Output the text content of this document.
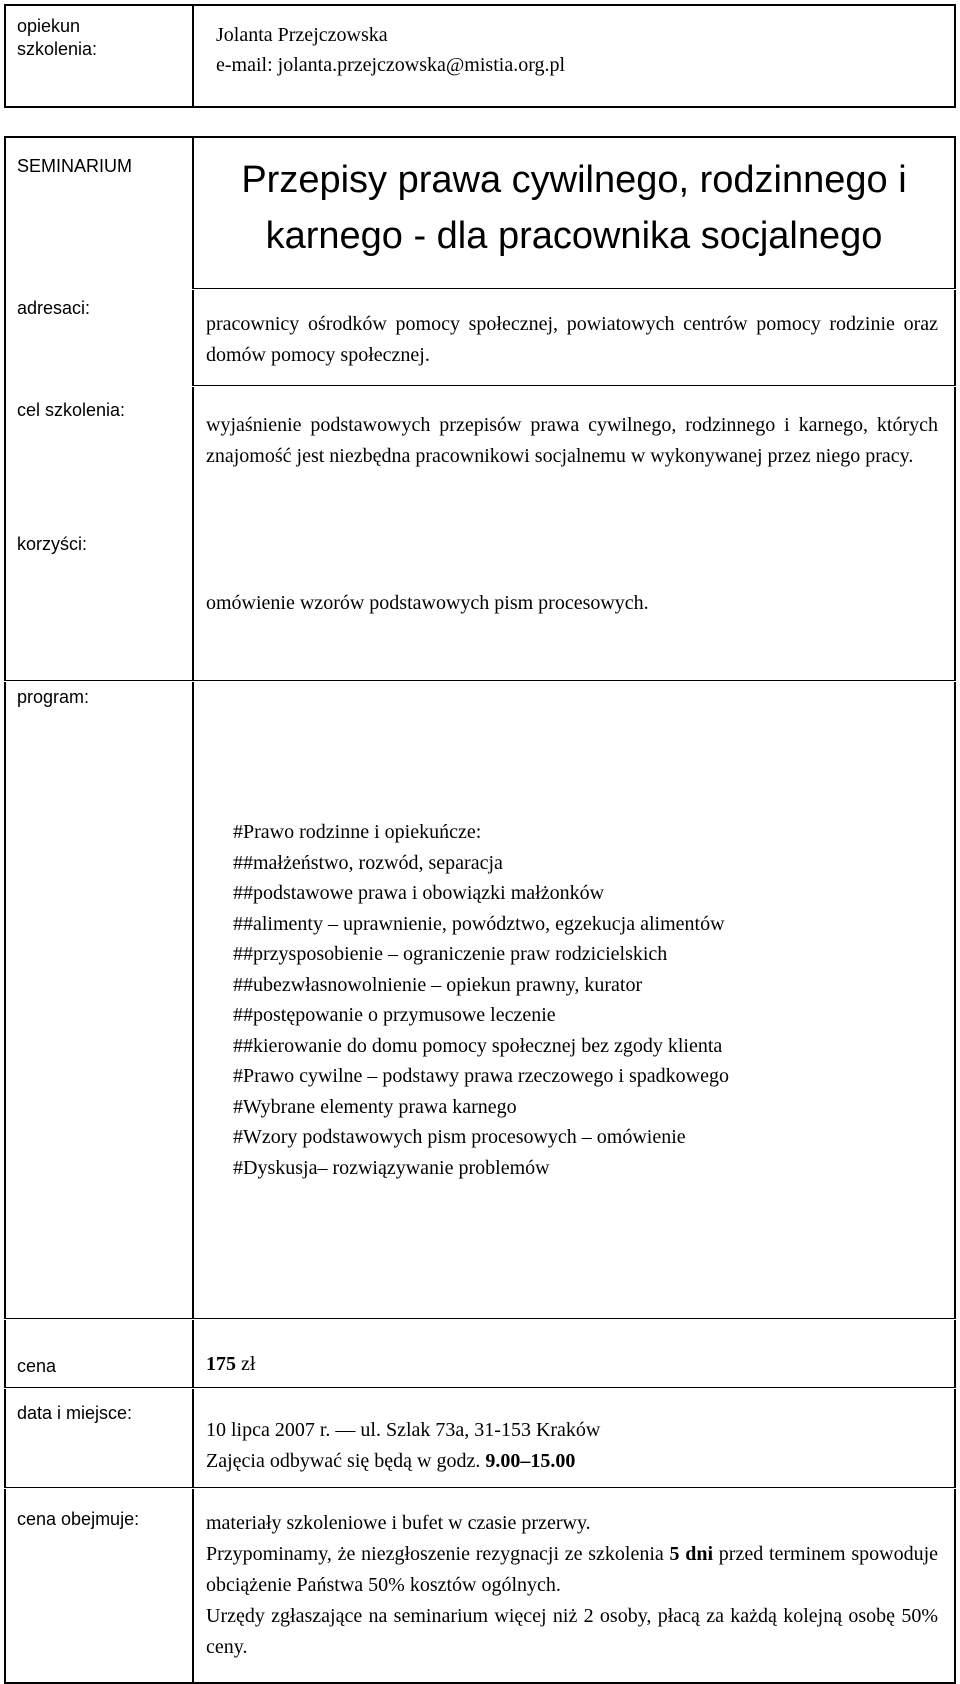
opiekun szkolenia:
Jolanta Przejczowska
e-mail: jolanta.przejczowska@mistia.org.pl
SEMINARIUM	Przepisy prawa cywilnego, rodzinnego i
karnego - dla pracownika socjalnego
adresaci:
pracownicy ośrodków pomocy społecznej, powiatowych centrów pomocy rodzinie oraz domów pomocy społecznej.
cel szkolenia:
wyjaśnienie podstawowych przepisów prawa cywilnego, rodzinnego i karnego, których znajomość jest niezbędna pracownikowi socjalnemu w wykonywanej przez niego pracy.
korzyści:
omówienie wzorów podstawowych pism procesowych.
program:
#Prawo rodzinne i opiekuńcze:
##małżeństwo, rozwód, separacja
##podstawowe prawa i obowiązki małżonków
##alimenty – uprawnienie, powództwo, egzekucja alimentów
##przysposobienie – ograniczenie praw rodzicielskich
##ubezwłasnowolnienie – opiekun prawny, kurator
##postępowanie o przymusowe leczenie
##kierowanie do domu pomocy społecznej bez zgody klienta
#Prawo cywilne – podstawy prawa rzeczowego i spadkowego
#Wybrane elementy prawa karnego
#Wzory podstawowych pism procesowych – omówienie
#Dyskusja– rozwiązywanie problemów
cena	175 zł
data i miejsce:
10 lipca 2007 r. — ul. Szlak 73a, 31-153 Kraków
Zajęcia odbywać się będą w godz. 9.00–15.00
cena obejmuje:	materiały szkoleniowe i bufet w czasie przerwy.
Przypominamy, że niezgłoszenie rezygnacji ze szkolenia 5 dni przed terminem spowoduje obciążenie Państwa 50% kosztów ogólnych.
Urzędy zgłaszające na seminarium więcej niż 2 osoby, płacą za każdą kolejną osobę 50% ceny.
